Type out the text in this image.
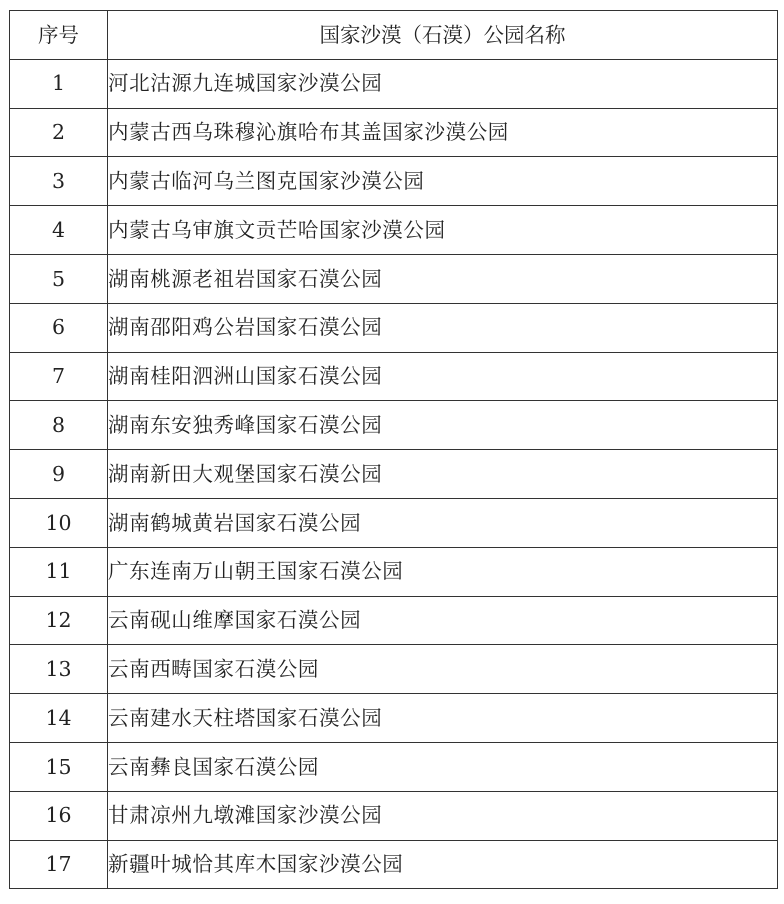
序号	国家沙漠（石漠）公园名称
1	河北沽源九连城国家沙漠公园
2	内蒙古西乌珠穆沁旗哈布其盖国家沙漠公园
3	内蒙古临河乌兰图克国家沙漠公园
4	内蒙古乌审旗文贡芒哈国家沙漠公园
5	湖南桃源老祖岩国家石漠公园
6	湖南邵阳鸡公岩国家石漠公园
7	湖南桂阳泗洲山国家石漠公园
8	湖南东安独秀峰国家石漠公园
9	湖南新田大观堡国家石漠公园
10	湖南鹤城黄岩国家石漠公园
11	广东连南万山朝王国家石漠公园
12	云南砚山维摩国家石漠公园
13	云南西畴国家石漠公园
14	云南建水天柱塔国家石漠公园
15	云南彝良国家石漠公园
16	甘肃凉州九墩滩国家沙漠公园
17	新疆叶城恰其库木国家沙漠公园
